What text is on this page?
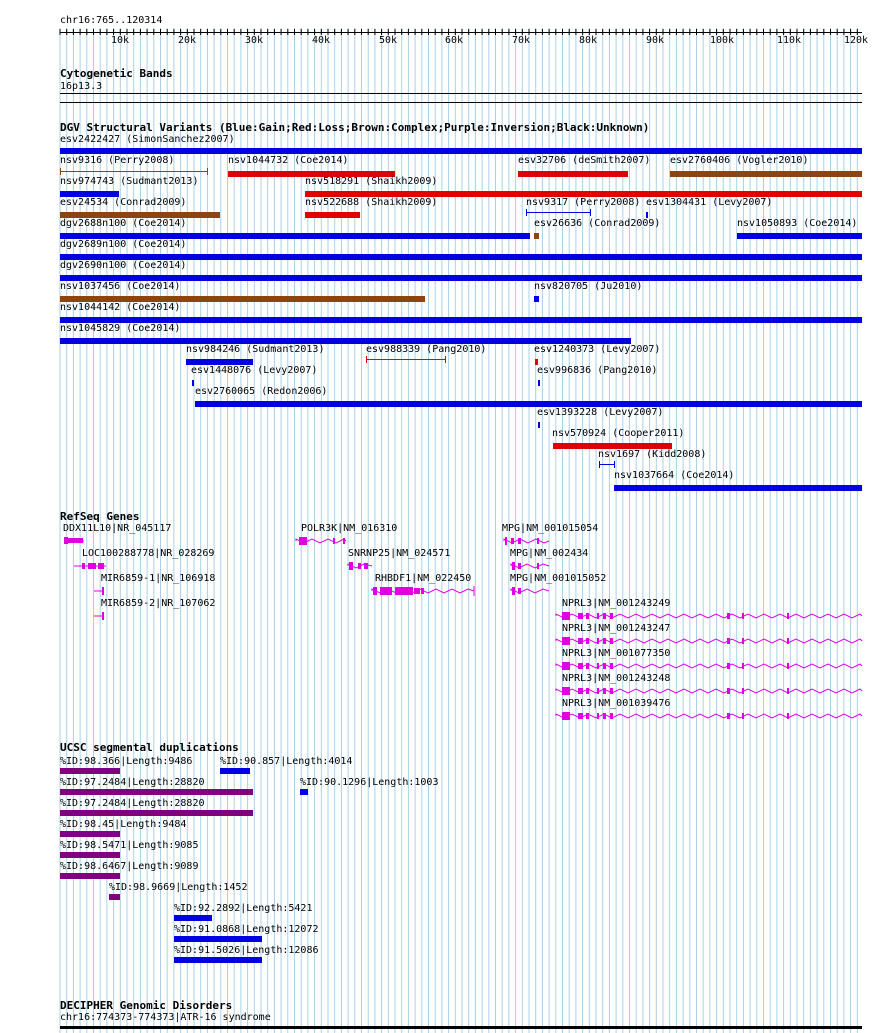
chr16:765..120314
10k	20k	30k	40k	50k	60k	70k	80k	90k	100k	110k	120k
Cytogenetic Bands
16p13.3
DGV Structural Variants (Blue:Gain;Red:Loss;Brown:Complex;Purple:Inversion;Black:Unknown)
esv2422427 (SimonSanchez2007)
nsv9316 (Perry2008)	nsv1044732 (Coe2014)	esv32706 (deSmith2007) esv2760406 (Vogler2010)
nsv974743 (Sudmant2013)	nsv518291 (Shaikh2009)
esv24534 (Conrad2009)	nsv522688 (Shaikh2009)	nsv9317 (Perry2008) esv1304431 (Levy2007)
dgv2688n100 (Coe2014)	esv26636 (Conrad2009)	nsv1050893 (Coe2014)
dgv2689n100 (Coe2014)
dgv2690n100 (Coe2014)
nsv1037456 (Coe2014)	nsv820705 (Ju2010)
nsv1044142 (Coe2014)
nsv1045829 (Coe2014)
nsv984246 (Sudmant2013)	esv988339 (Pang2010)	esv1240373 (Levy2007)
esv1448076 (Levy2007)	esv996836 (Pang2010)
esv2760065 (Redon2006)
esv1393228 (Levy2007)
nsv570924 (Cooper2011)
nsv1697 (Kidd2008)
nsv1037664 (Coe2014)
RefSeq Genes
DDX11L10|NR_045117
LOC100288778|NR_028269
MIR6859-1|NR_106918
MIR6859-2|NR_107062
POLR3K|NM_016310
SNRNP25|NM_024571
RHBDF1|NM_022450
MPG|NM_001015054
MPG|NM_002434
MPG|NM_001015052
NPRL3|NM_001243249
NPRL3|NM_001243247
NPRL3|NM_001077350
NPRL3|NM_001243248
NPRL3|NM_001039476
UCSC segmental duplications
%ID:98.366|Length:9486	%ID:90.857|Length:4014
%ID:97.2484|Length:28820	%ID:90.1296|Length:1003
%ID:97.2484|Length:28820
%ID:98.45|Length:9484
%ID:98.5471|Length:9085
%ID:98.6467|Length:9089
%ID:98.9669|Length:1452
%ID:92.2892|Length:5421
%ID:91.0868|Length:12072
%ID:91.5026|Length:12086
DECIPHER Genomic Disorders
chr16:774373-774373|ATR-16 syndrome
